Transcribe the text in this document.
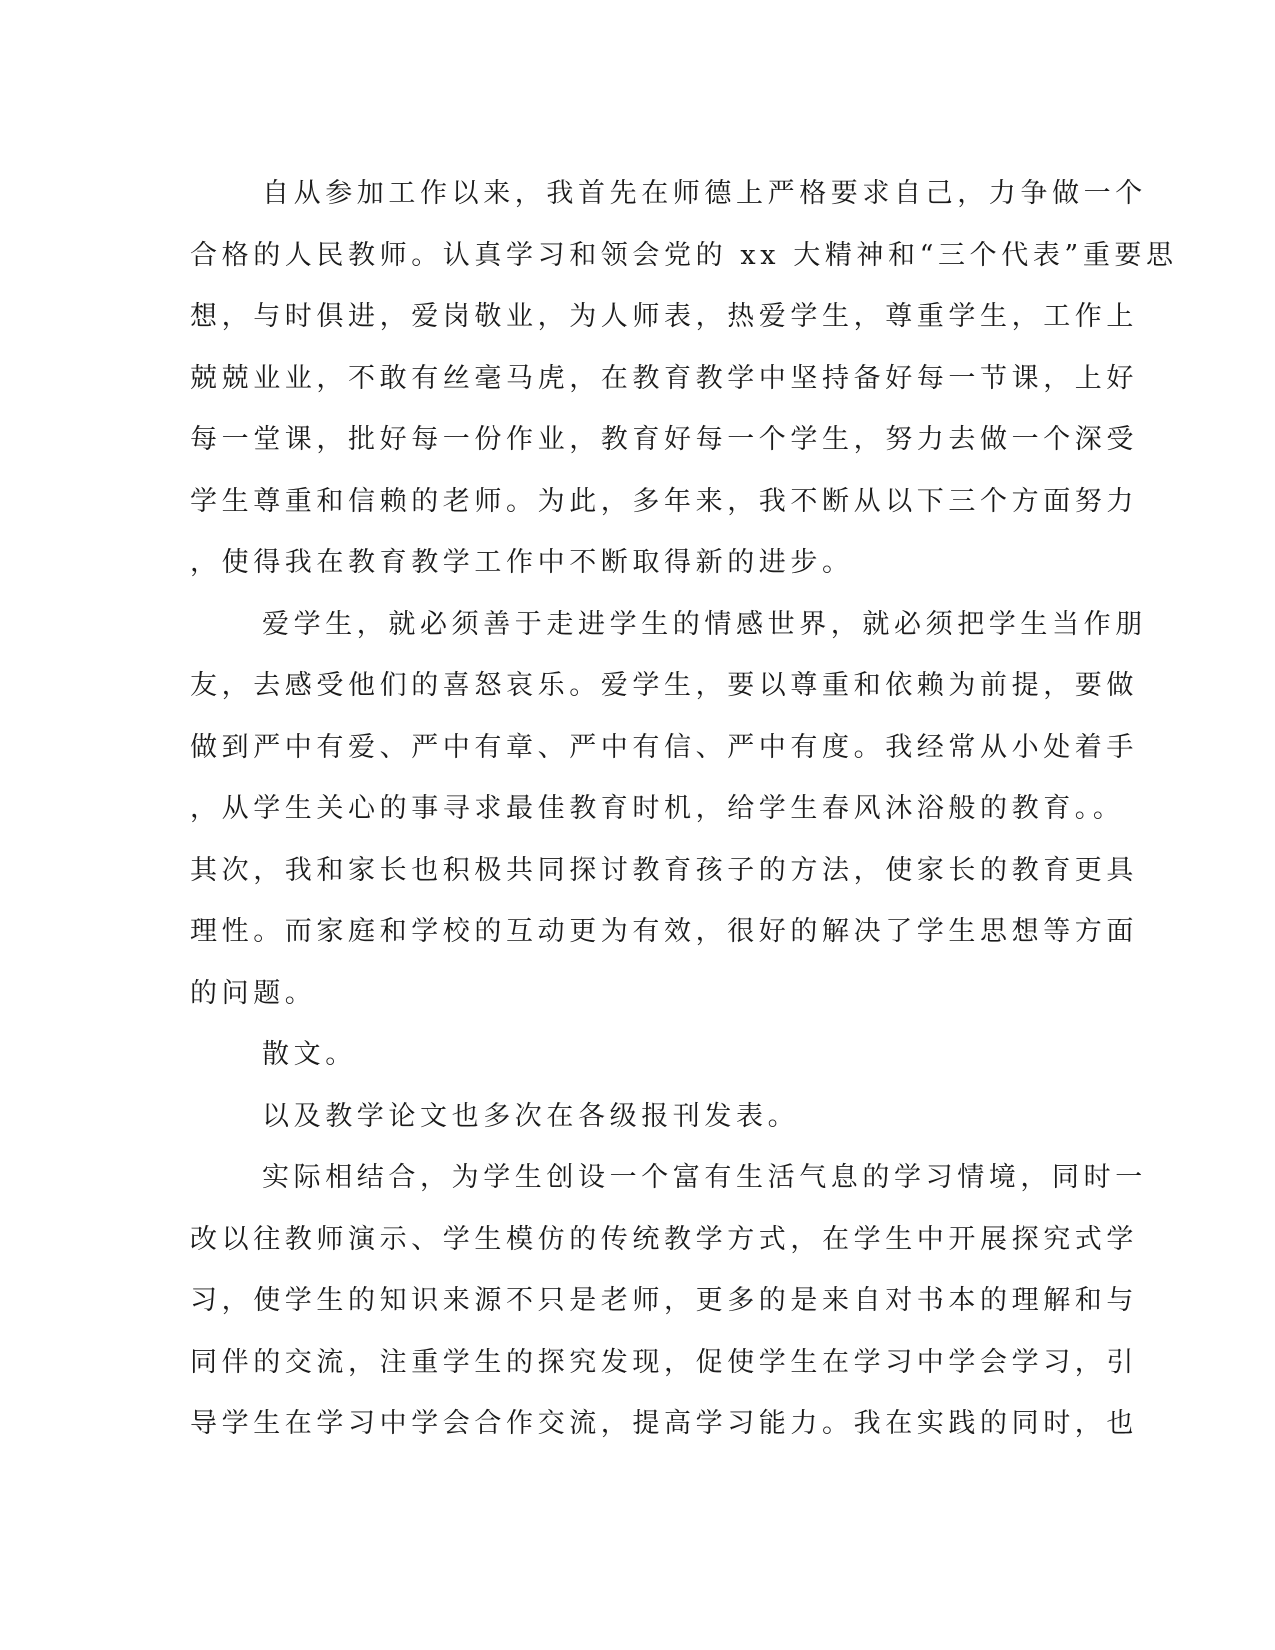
自从参加工作以来，我首先在师德上严格要求自己，力争做一个
合格的人民教师。认真学习和领会党的 xx 大精神和“三个代表”重要思
想，与时俱进，爱岗敬业，为人师表，热爱学生，尊重学生，工作上
兢兢业业，不敢有丝毫马虎，在教育教学中坚持备好每一节课，上好
每一堂课，批好每一份作业，教育好每一个学生，努力去做一个深受
学生尊重和信赖的老师。为此，多年来，我不断从以下三个方面努力
，使得我在教育教学工作中不断取得新的进步。
爱学生，就必须善于走进学生的情感世界，就必须把学生当作朋
友，去感受他们的喜怒哀乐。爱学生，要以尊重和依赖为前提，要做
做到严中有爱、严中有章、严中有信、严中有度。我经常从小处着手
，从学生关心的事寻求最佳教育时机，给学生春风沐浴般的教育。。
其次，我和家长也积极共同探讨教育孩子的方法，使家长的教育更具
理性。而家庭和学校的互动更为有效，很好的解决了学生思想等方面
的问题。
散文。
以及教学论文也多次在各级报刊发表。
实际相结合，为学生创设一个富有生活气息的学习情境，同时一
改以往教师演示、学生模仿的传统教学方式，在学生中开展探究式学
习，使学生的知识来源不只是老师，更多的是来自对书本的理解和与
同伴的交流，注重学生的探究发现，促使学生在学习中学会学习，引
导学生在学习中学会合作交流，提高学习能力。我在实践的同时，也
